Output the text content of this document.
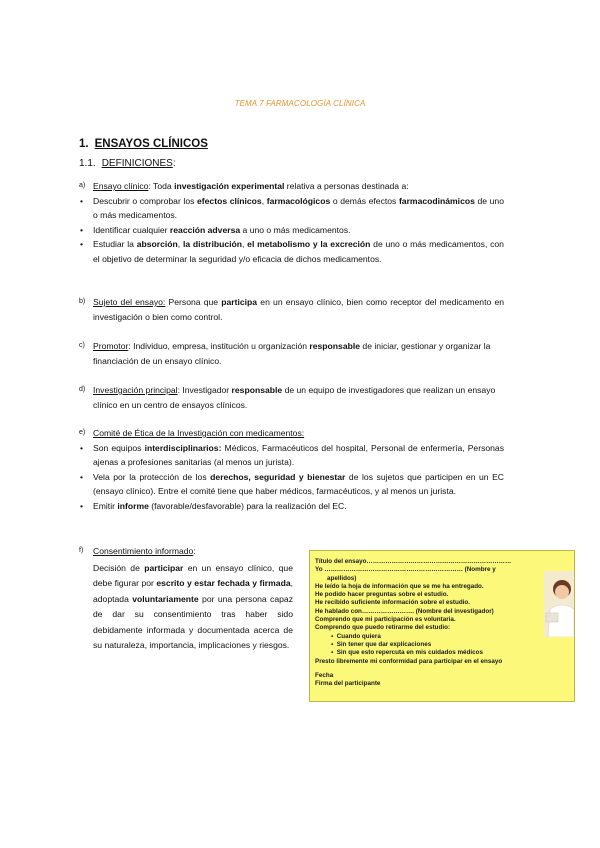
TEMA 7 FARMACOLOGÍA CLÍNICA
1. ENSAYOS CLÍNICOS
1.1. DEFINICIONES:
a) Ensayo clínico: Toda investigación experimental relativa a personas destinada a:
• Descubrir o comprobar los efectos clínicos, farmacológicos o demás efectos farmacodinámicos de uno o más medicamentos.
• Identificar cualquier reacción adversa a uno o más medicamentos.
• Estudiar la absorción, la distribución, el metabolismo y la excreción de uno o más medicamentos, con el objetivo de determinar la seguridad y/o eficacia de dichos medicamentos.
b) Sujeto del ensayo: Persona que participa en un ensayo clínico, bien como receptor del medicamento en investigación o bien como control.
c) Promotor: Individuo, empresa, institución u organización responsable de iniciar, gestionar y organizar la financiación de un ensayo clínico.
d) Investigación principal: Investigador responsable de un equipo de investigadores que realizan un ensayo clínico en un centro de ensayos clínicos.
e) Comité de Ética de la Investigación con medicamentos:
• Son equipos interdisciplinarios: Médicos, Farmacéuticos del hospital, Personal de enfermería, Personas ajenas a profesiones sanitarias (al menos un jurista).
• Vela por la protección de los derechos, seguridad y bienestar de los sujetos que participen en un EC (ensayo clínico). Entre el comité tiene que haber médicos, farmacéuticos, y al menos un jurista.
• Emitir informe (favorable/desfavorable) para la realización del EC.
f) Consentimiento informado:
Decisión de participar en un ensayo clínico, que debe figurar por escrito y estar fechada y firmada, adoptada voluntariamente por una persona capaz de dar su consentimiento tras haber sido debidamente informada y documentada acerca de su naturaleza, importancia, implicaciones y riesgos.
Título del ensayo……………………………………………………………
Yo ………………………………………………………… (Nombre y
apellidos)
He leído la hoja de información que se me ha entregado.
He podido hacer preguntas sobre el estudio.
He recibido suficiente información sobre el estudio.
He hablado con……………………. (Nombre del investigador)
Comprendo que mi participación es voluntaria.
Comprendo que puedo retirarme del estudio:
▪  Cuando quiera
▪  Sin tener que dar explicaciones
▪  Sin que esto repercuta en mis cuidados médicos
Presto libremente mi conformidad para participar en el ensayo
Fecha
Firma del participante
